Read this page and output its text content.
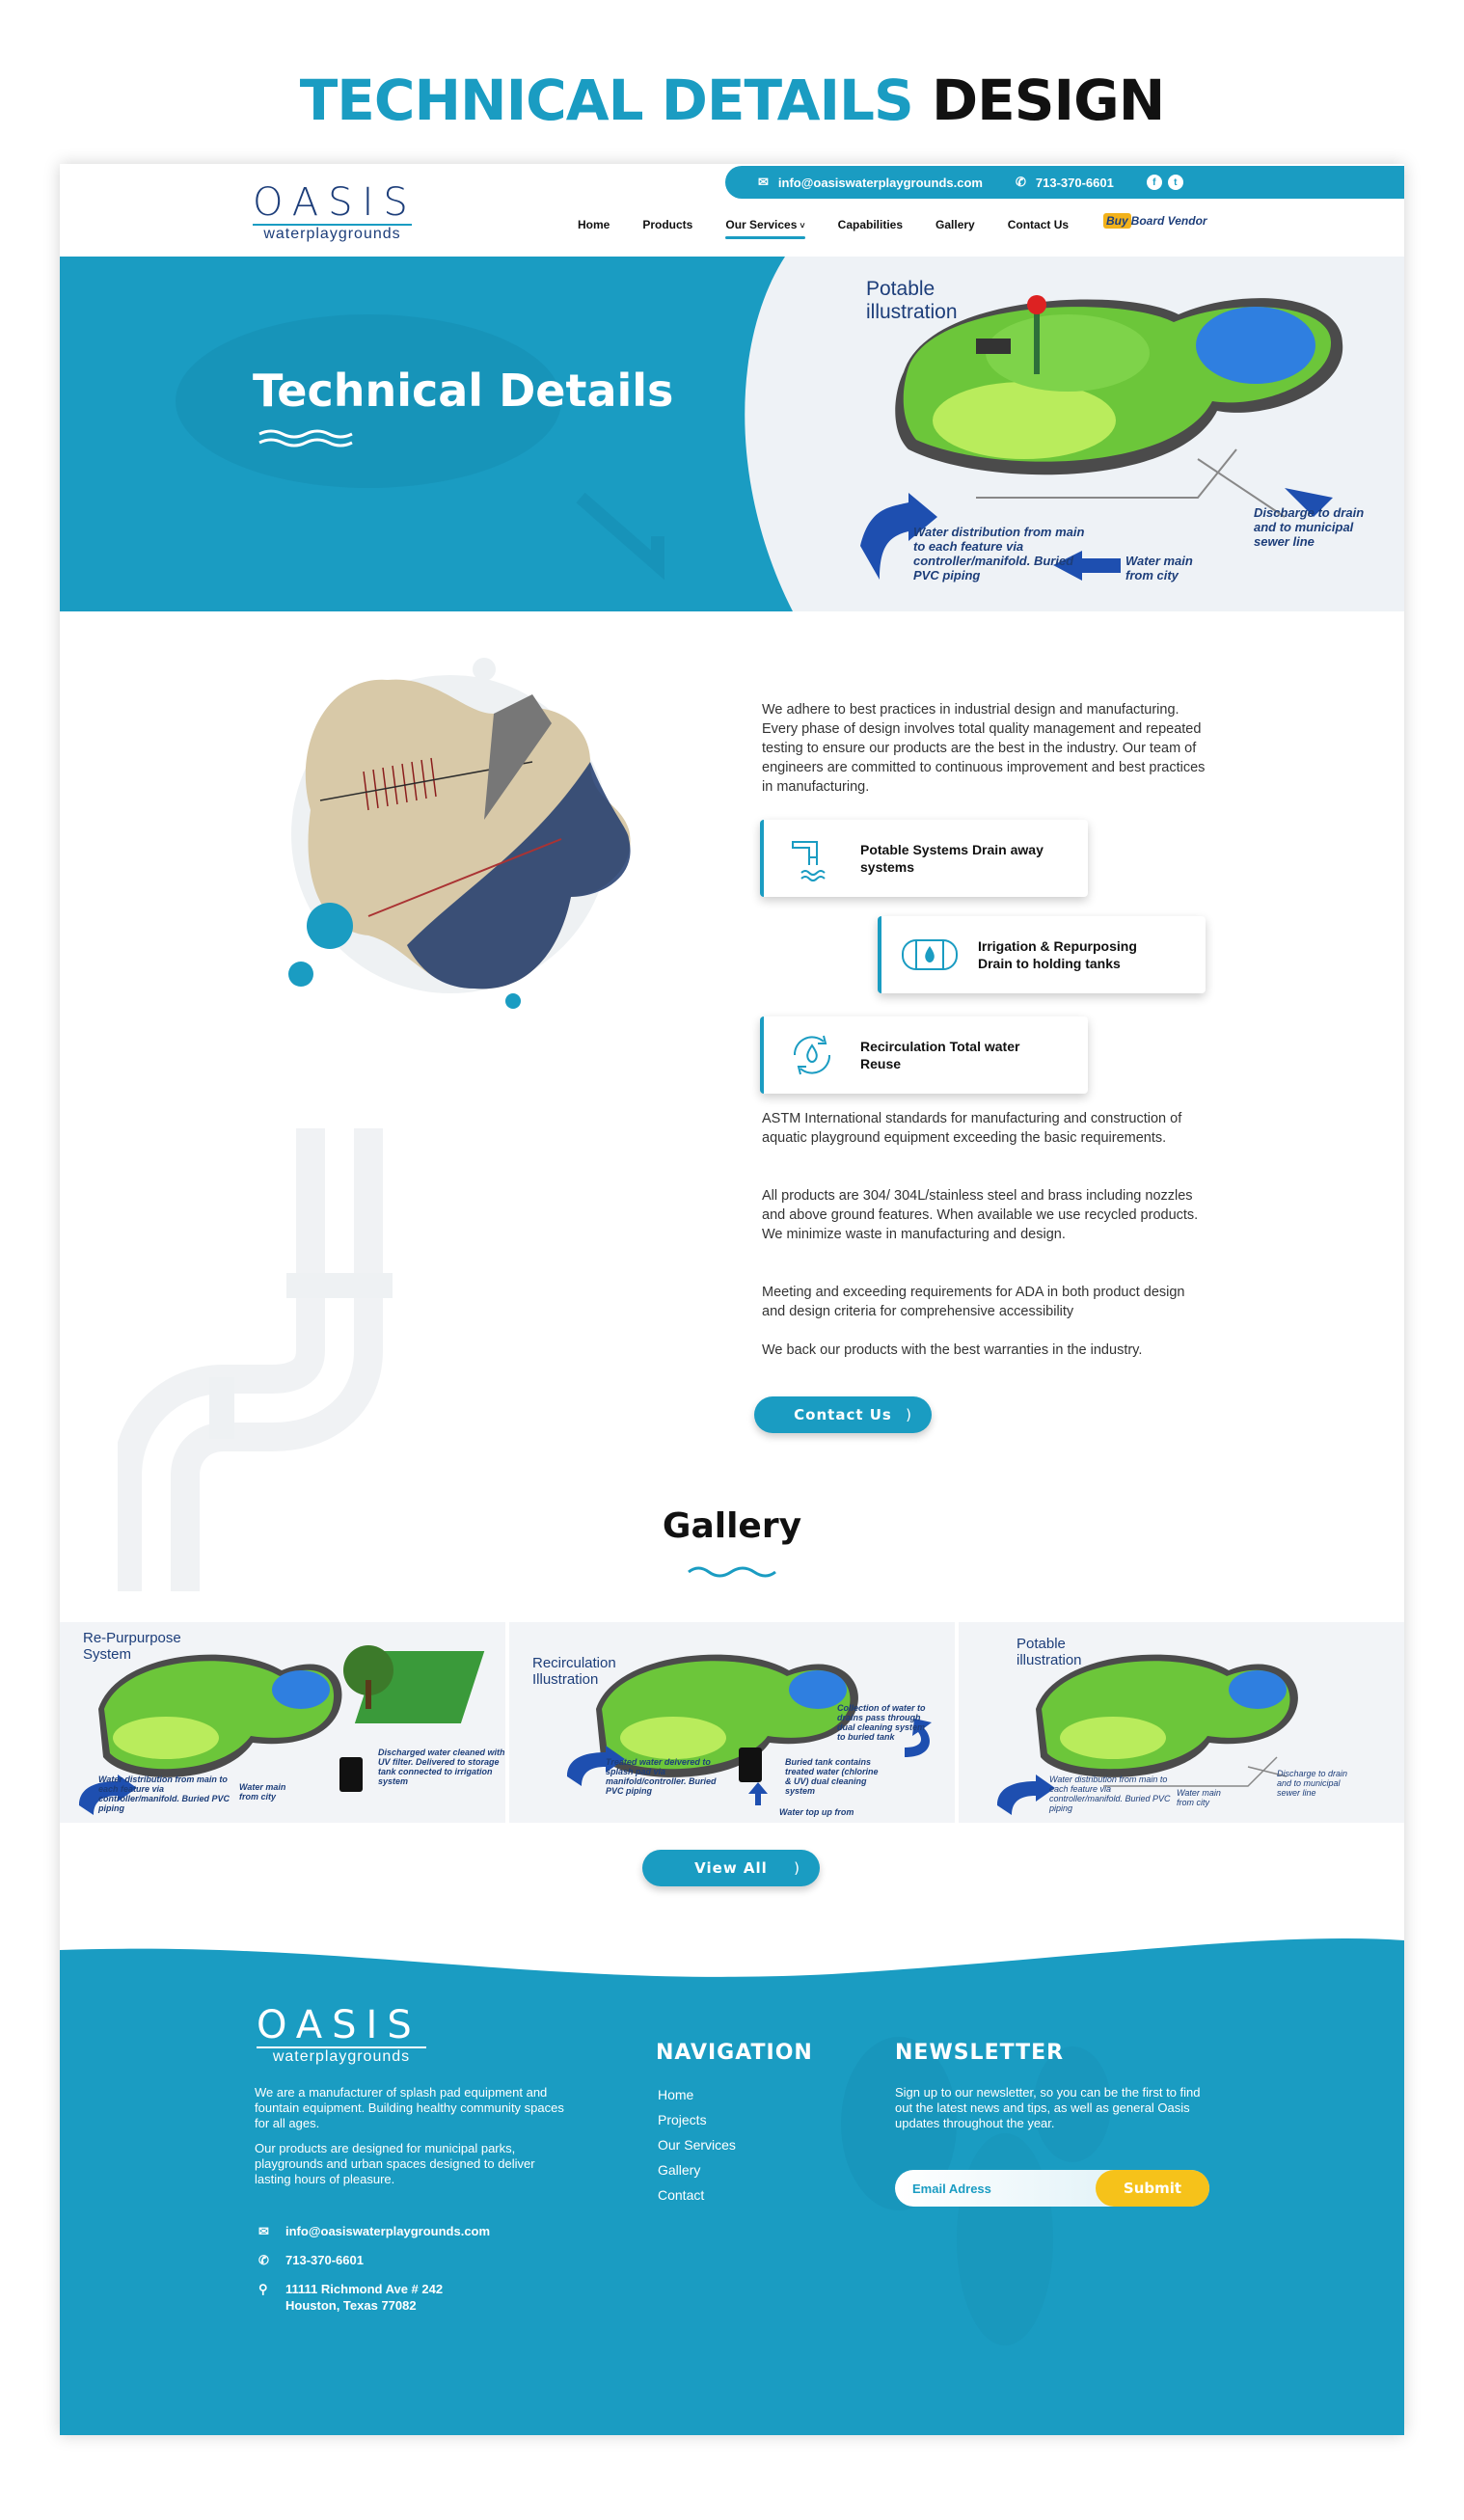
TECHNICAL DETAILS DESIGN
OASIS
waterplaygrounds
✉ info@oasiswaterplaygrounds.com	✆ 713-370-6601	f	t
Home	Products	Our Services ˅	Capabilities	Gallery	Contact Us	Buy Board Vendor
Potable illustration
Water distribution from main to each feature via controller/manifold. Buried PVC piping
Water main from city
Discharge to drain and to municipal sewer line
Technical Details
We adhere to best practices in industrial design and manufacturing. Every phase of design involves total quality management and repeated testing to ensure our products are the best in the industry. Our team of engineers are committed to continuous improvement and best practices in manufacturing.
Potable Systems Drain away systems
Irrigation & Repurposing Drain to holding tanks
Recirculation Total water Reuse
ASTM International standards for manufacturing and construction of aquatic playground equipment exceeding the basic requirements.
All products are 304/ 304L/stainless steel and brass including nozzles and above ground features. When available we use recycled products. We minimize waste in manufacturing and design.
Meeting and exceeding requirements for ADA in both product design and design criteria for comprehensive accessibility
We back our products with the best warranties in the industry.
Contact Us )
Gallery
Re-Purpurpose System
Water distribution from main to each feature via controller/manifold. Buried PVC piping
Water main from city
Discharged water cleaned with UV filter. Delivered to storage tank connected to irrigation system
Recirculation Illustration
Treated water deivered to splash pad via manifold/controller. Buried PVC piping
Buried tank contains treated water (chlorine & UV) dual cleaning system
Collection of water to drains pass through dual cleaning system to buried tank
Water top up from
Potable illustration
Water distribution from main to each feature via controller/manifold. Buried PVC piping
Water main from city
Discharge to drain and to municipal sewer line
View All )
OASIS
waterplaygrounds
We are a manufacturer of splash pad equipment and fountain equipment. Building healthy community spaces for all ages.
Our products are designed for municipal parks, playgrounds and urban spaces designed to deliver lasting hours of pleasure.
✉	info@oasiswaterplaygrounds.com
✆	713-370-6601
⚲	11111 Richmond Ave # 242
Houston, Texas 77082
NAVIGATION
Home
Projects
Our Services
Gallery
Contact
NEWSLETTER
Sign up to our newsletter, so you can be the first to find out the latest news and tips, as well as general Oasis updates throughout the year.
Email Adress	Submit
